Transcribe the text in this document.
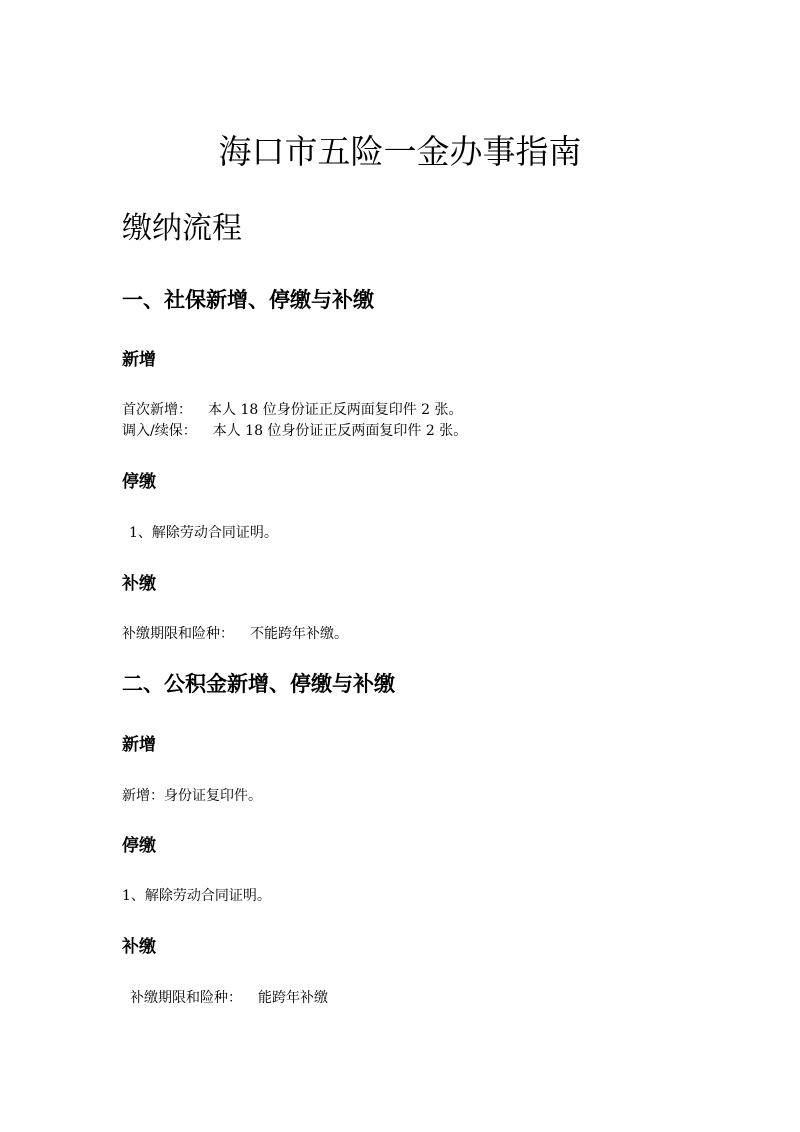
海口市五险一金办事指南
缴纳流程
一、社保新增、停缴与补缴
新增
首次新增： 本人 18 位身份证正反两面复印件 2 张。
调入/续保： 本人 18 位身份证正反两面复印件 2 张。
停缴
1、解除劳动合同证明。
补缴
补缴期限和险种： 不能跨年补缴。
二、公积金新增、停缴与补缴
新增
新增：身份证复印件。
停缴
1、解除劳动合同证明。
补缴
补缴期限和险种： 能跨年补缴
